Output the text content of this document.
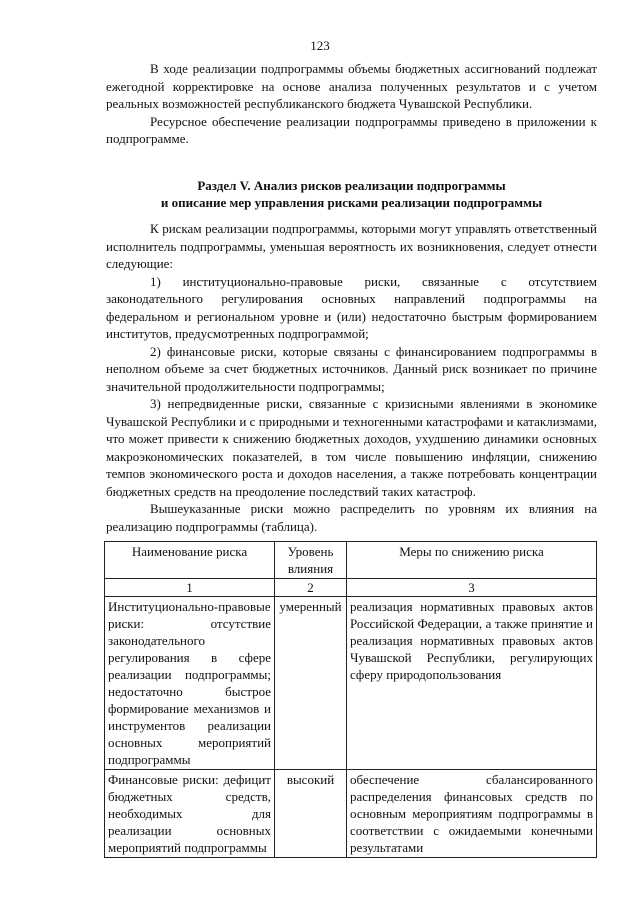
123

В ходе реализации подпрограммы объемы бюджетных ассигнований подлежат ежегодной корректировке на основе анализа полученных результатов и с учетом реальных возможностей республиканского бюджета Чувашской Республики.

Ресурсное обеспечение реализации подпрограммы приведено в приложении к подпрограмме.

Раздел V. Анализ рисков реализации подпрограммы
и описание мер управления рисками реализации подпрограммы

К рискам реализации подпрограммы, которыми могут управлять ответственный исполнитель подпрограммы, уменьшая вероятность их возникновения, следует отнести следующие:

1) институционально-правовые риски, связанные с отсутствием законодательного регулирования основных направлений подпрограммы на федеральном и региональном уровне и (или) недостаточно быстрым формированием институтов, предусмотренных подпрограммой;

2) финансовые риски, которые связаны с финансированием подпрограммы в неполном объеме за счет бюджетных источников. Данный риск возникает по причине значительной продолжительности подпрограммы;

3) непредвиденные риски, связанные с кризисными явлениями в экономике Чувашской Республики и с природными и техногенными катастрофами и катаклизмами, что может привести к снижению бюджетных доходов, ухудшению динамики основных макроэкономических показателей, в том числе повышению инфляции, снижению темпов экономического роста и доходов населения, а также потребовать концентрации бюджетных средств на преодоление последствий таких катастроф.

Вышеуказанные риски можно распределить по уровням их влияния на реализацию подпрограммы (таблица).

Наименование риска	Уровень влияния	Меры по снижению риска
1	2	3
Институционально-правовые риски: отсутствие законодательного регулирования в сфере реализации подпрограммы; недостаточно быстрое формирование механизмов и инструментов реализации основных мероприятий подпрограммы	умеренный	реализация нормативных правовых актов Российской Федерации, а также принятие и реализация нормативных правовых актов Чувашской Республики, регулирующих сферу природопользования
Финансовые риски: дефицит бюджетных средств, необходимых для реализации основных мероприятий подпрограммы	высокий	обеспечение сбалансированного распределения финансовых средств по основным мероприятиям подпрограммы в соответствии с ожидаемыми конечными результатами
